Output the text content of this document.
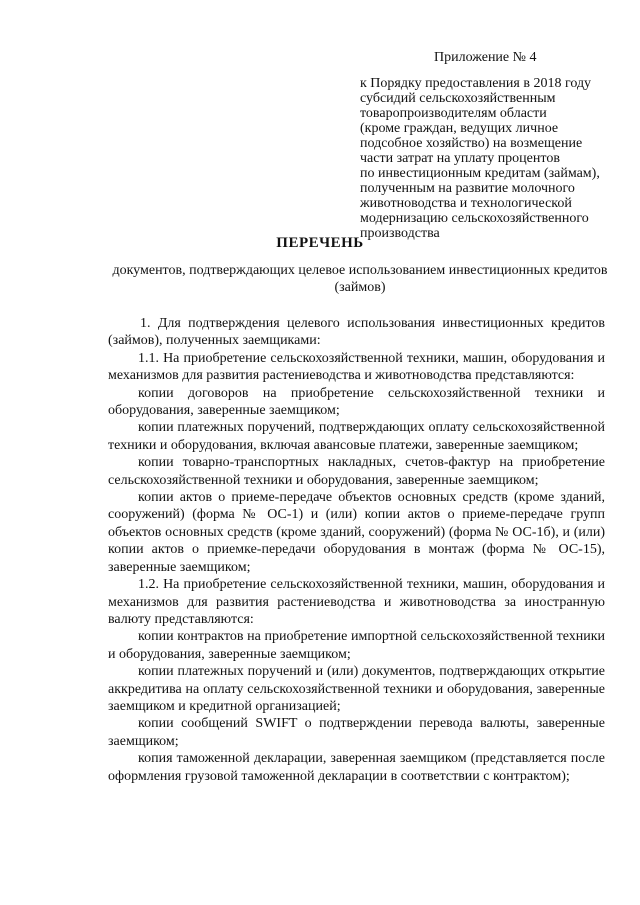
Приложение № 4
к Порядку предоставления в 2018 году
субсидий сельскохозяйственным
товаропроизводителям области
(кроме граждан, ведущих личное
подсобное хозяйство) на возмещение
части затрат на уплату процентов
по инвестиционным кредитам (займам),
полученным на развитие молочного
животноводства и технологической
модернизацию сельскохозяйственного
производства
ПЕРЕЧЕНЬ
документов, подтверждающих целевое использованием инвестиционных кредитов (займов)

1. Для подтверждения целевого использования инвестиционных кредитов (займов), полученных заемщиками:

1.1. На приобретение сельскохозяйственной техники, машин, оборудования и механизмов для развития растениеводства и животноводства представляются:

копии договоров на приобретение сельскохозяйственной техники и оборудования, заверенные заемщиком;

копии платежных поручений, подтверждающих оплату сельскохозяйственной техники и оборудования, включая авансовые платежи, заверенные заемщиком;

копии товарно-транспортных накладных, счетов-фактур на приобретение сельскохозяйственной техники и оборудования, заверенные заемщиком;

копии актов о приеме-передаче объектов основных средств (кроме зданий, сооружений) (форма № ОС-1) и (или) копии актов о приеме-передаче групп объектов основных средств (кроме зданий, сооружений) (форма № ОС-1б), и (или) копии актов о приемке-передачи оборудования в монтаж (форма № ОС-15), заверенные заемщиком;

1.2. На приобретение сельскохозяйственной техники, машин, оборудования и механизмов для развития растениеводства и животноводства за иностранную валюту представляются:

копии контрактов на приобретение импортной сельскохозяйственной техники и оборудования, заверенные заемщиком;

копии платежных поручений и (или) документов, подтверждающих открытие аккредитива на оплату сельскохозяйственной техники и оборудования, заверенные заемщиком и кредитной организацией;

копии сообщений SWIFT о подтверждении перевода валюты, заверенные заемщиком;

копия таможенной декларации, заверенная заемщиком (представляется после оформления грузовой таможенной декларации в соответствии с контрактом);
